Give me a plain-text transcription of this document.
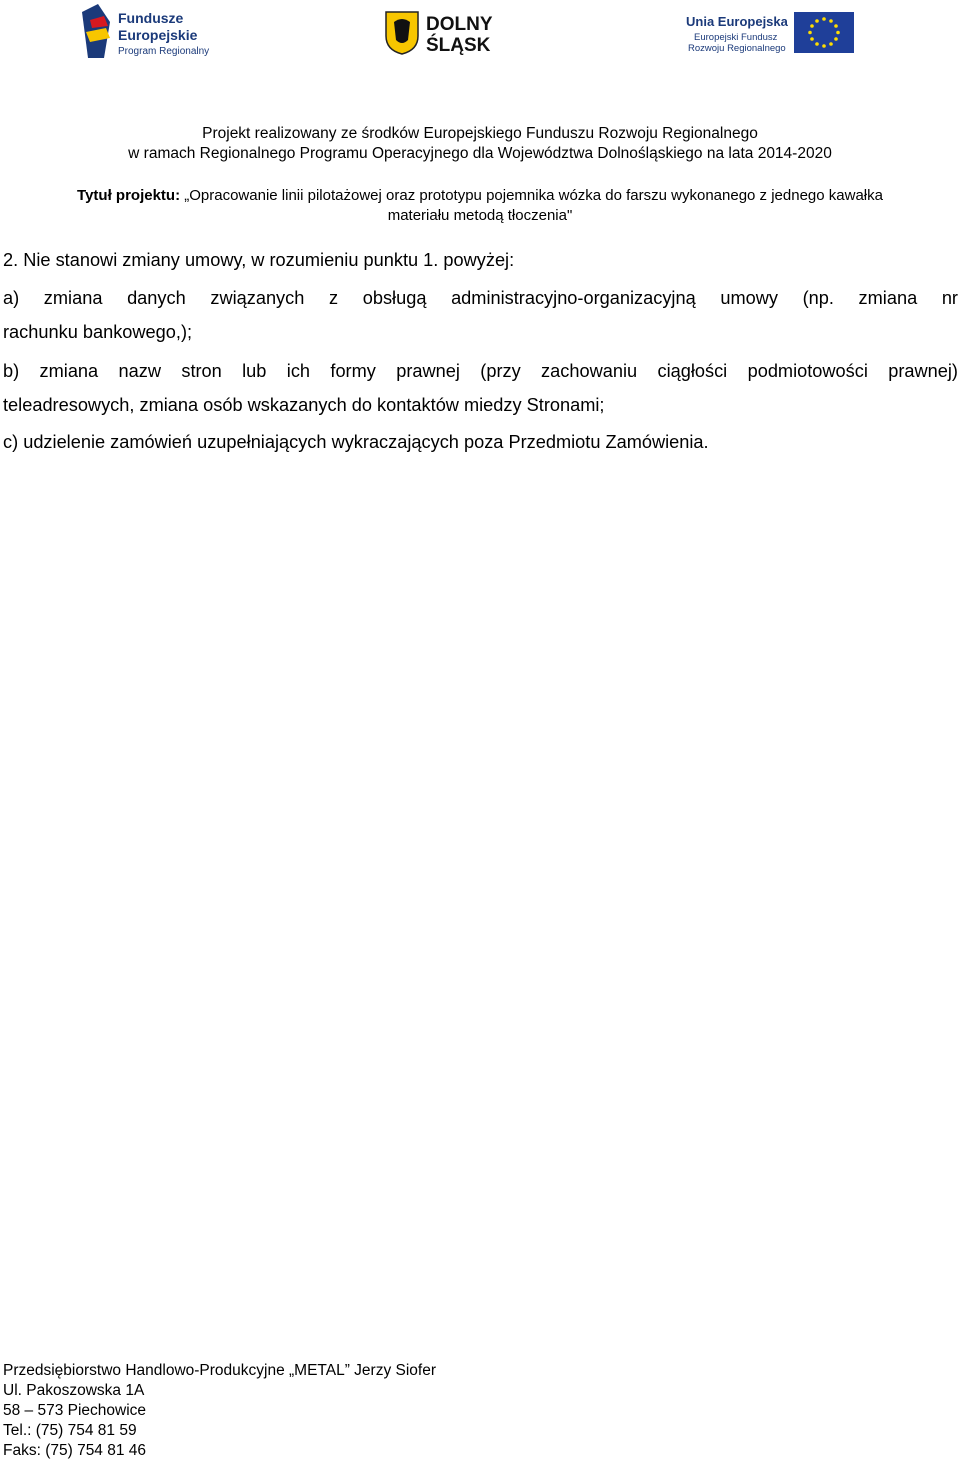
Fundusze
Europejskie
Program Regionalny
DOLNY
ŚLĄSK
Unia Europejska
Europejski Fundusz
Rozwoju Regionalnego
Projekt realizowany ze środków Europejskiego Funduszu Rozwoju Regionalnego
w ramach Regionalnego Programu Operacyjnego dla Województwa Dolnośląskiego na lata 2014-2020
Tytuł projektu: „Opracowanie linii pilotażowej oraz prototypu pojemnika wózka do farszu wykonanego z jednego kawałka
materiału metodą tłoczenia"
2. Nie stanowi zmiany umowy, w rozumieniu punktu 1. powyżej:
a) zmiana danych związanych z obsługą administracyjno-organizacyjną umowy (np. zmiana nr
rachunku bankowego,);
b) zmiana nazw stron lub ich formy prawnej (przy zachowaniu ciągłości podmiotowości prawnej)
teleadresowych, zmiana osób wskazanych do kontaktów miedzy Stronami;
c) udzielenie zamówień uzupełniających wykraczających poza Przedmiotu Zamówienia.
Przedsiębiorstwo Handlowo-Produkcyjne „METAL” Jerzy Siofer
Ul. Pakoszowska 1A
58 – 573 Piechowice
Tel.: (75) 754 81 59
Faks: (75) 754 81 46
